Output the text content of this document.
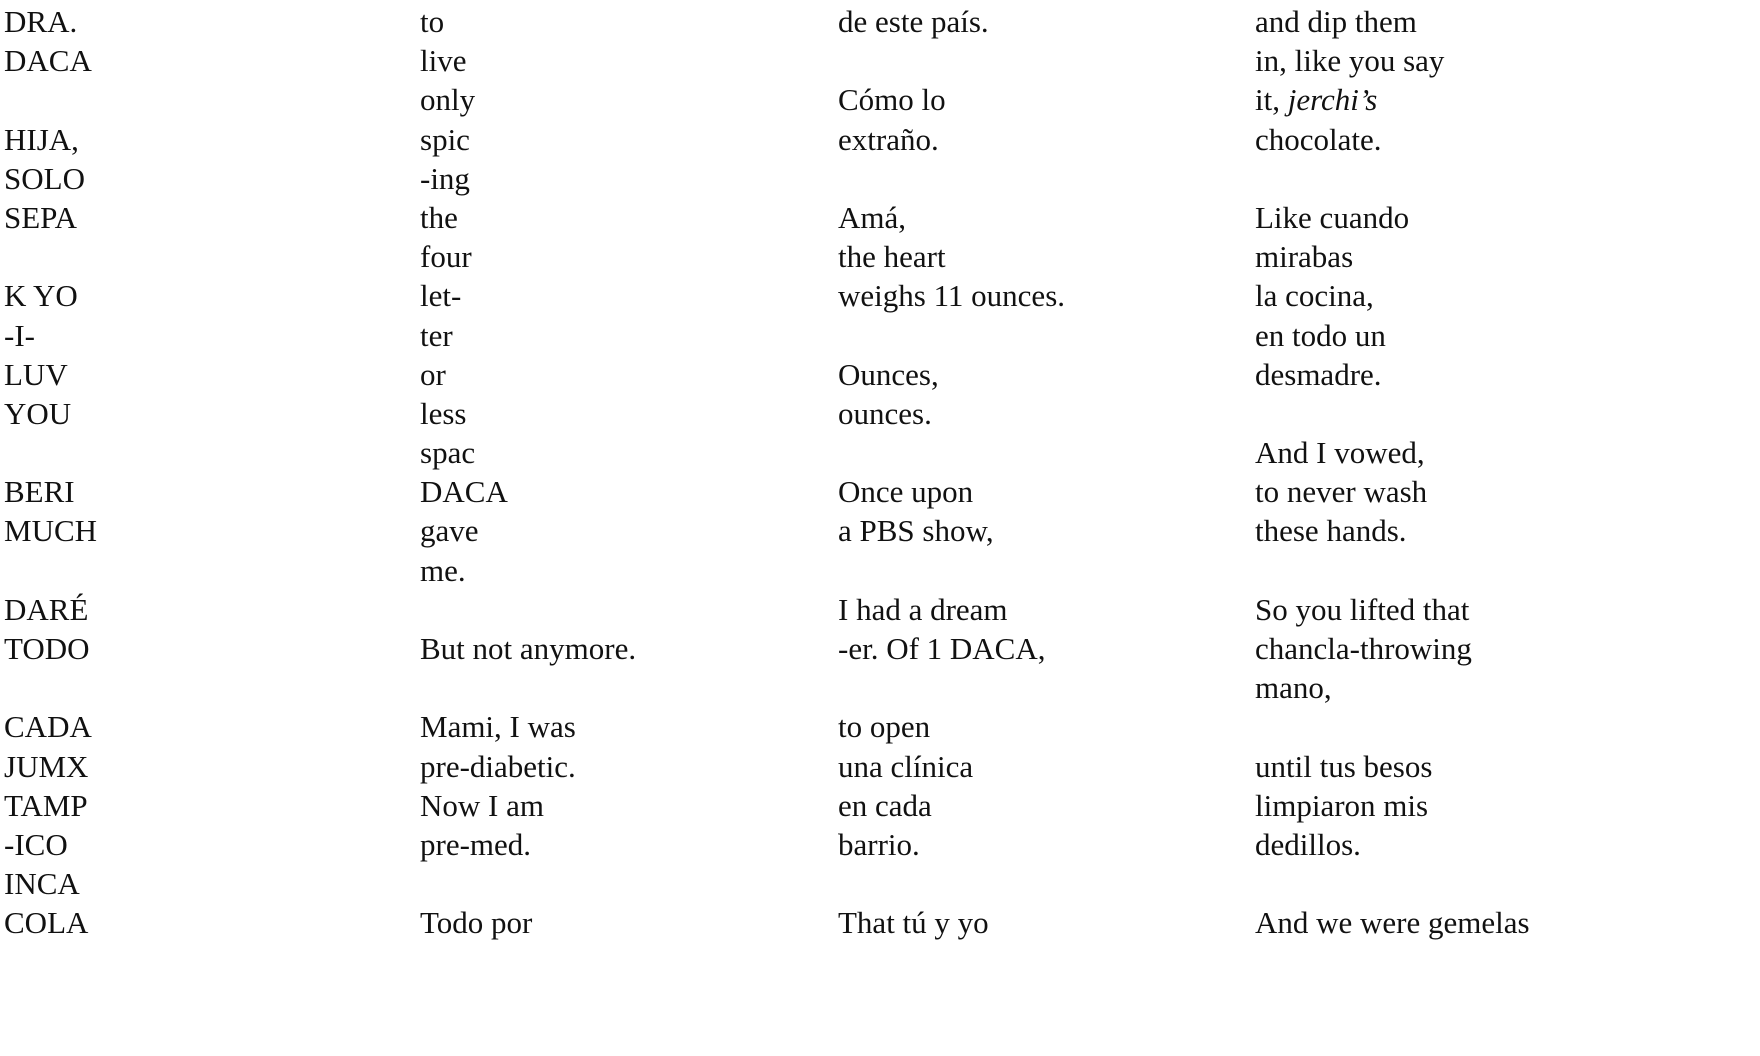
DRA.
DACA
HIJA,
SOLO
SEPA
K YO
-I-
LUV
YOU
BERI
MUCH
DARÉ
TODO
CADA
JUMX
TAMP
-ICO
INCA
COLA
to
live
only
spic
-ing
the
four
let-
ter
or
less
spac
DACA
gave
me.
But not anymore.
Mami, I was
pre-diabetic.
Now I am
pre-med.
Todo por
de este país.
Cómo lo
extraño.
Amá,
the heart
weighs 11 ounces.
Ounces,
ounces.
Once upon
a PBS show,
I had a dream
-er. Of 1 DACA,
to open
una clínica
en cada
barrio.
That tú y yo
and dip them
in, like you say
it, jerchi’s
chocolate.
Like cuando
mirabas
la cocina,
en todo un
desmadre.
And I vowed,
to never wash
these hands.
So you lifted that
chancla-throwing
mano,
until tus besos
limpiaron mis
dedillos.
And we were gemelas
